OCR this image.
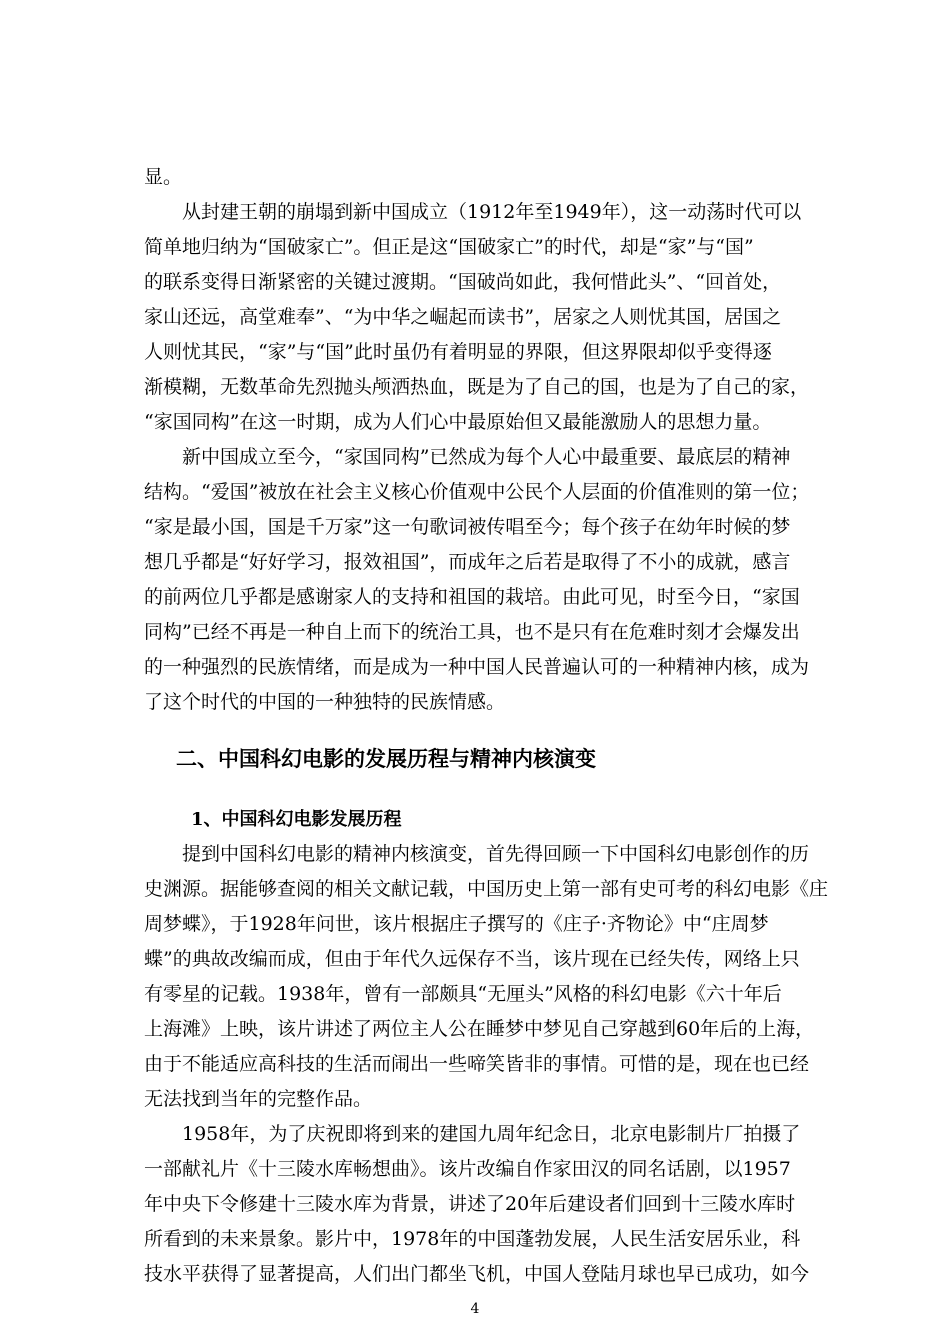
显。
　　从封建王朝的崩塌到新中国成立（1912年至1949年），这一动荡时代可以
简单地归纳为“国破家亡”。但正是这“国破家亡”的时代，却是“家”与“国”
的联系变得日渐紧密的关键过渡期。“国破尚如此，我何惜此头”、“回首处，
家山还远，高堂难奉”、“为中华之崛起而读书”，居家之人则忧其国，居国之
人则忧其民，“家”与“国”此时虽仍有着明显的界限，但这界限却似乎变得逐
渐模糊，无数革命先烈抛头颅洒热血，既是为了自己的国，也是为了自己的家，
“家国同构”在这一时期，成为人们心中最原始但又最能激励人的思想力量。
　　新中国成立至今，“家国同构”已然成为每个人心中最重要、最底层的精神
结构。“爱国”被放在社会主义核心价值观中公民个人层面的价值准则的第一位；
“家是最小国，国是千万家”这一句歌词被传唱至今；每个孩子在幼年时候的梦
想几乎都是“好好学习，报效祖国”，而成年之后若是取得了不小的成就，感言
的前两位几乎都是感谢家人的支持和祖国的栽培。由此可见，时至今日，“家国
同构”已经不再是一种自上而下的统治工具，也不是只有在危难时刻才会爆发出
的一种强烈的民族情绪，而是成为一种中国人民普遍认可的一种精神内核，成为
了这个时代的中国的一种独特的民族情感。
二、中国科幻电影的发展历程与精神内核演变
1、中国科幻电影发展历程
　　提到中国科幻电影的精神内核演变，首先得回顾一下中国科幻电影创作的历
史渊源。据能够查阅的相关文献记载，中国历史上第一部有史可考的科幻电影《庄
周梦蝶》，于1928年问世，该片根据庄子撰写的《庄子·齐物论》中“庄周梦
蝶”的典故改编而成，但由于年代久远保存不当，该片现在已经失传，网络上只
有零星的记载。1938年，曾有一部颇具“无厘头”风格的科幻电影《六十年后
上海滩》上映，该片讲述了两位主人公在睡梦中梦见自己穿越到60年后的上海，
由于不能适应高科技的生活而闹出一些啼笑皆非的事情。可惜的是，现在也已经
无法找到当年的完整作品。
　　1958年，为了庆祝即将到来的建国九周年纪念日，北京电影制片厂拍摄了
一部献礼片《十三陵水库畅想曲》。该片改编自作家田汉的同名话剧，以1957
年中央下令修建十三陵水库为背景，讲述了20年后建设者们回到十三陵水库时
所看到的未来景象。影片中，1978年的中国蓬勃发展，人民生活安居乐业，科
技水平获得了显著提高，人们出门都坐飞机，中国人登陆月球也早已成功，如今
4
